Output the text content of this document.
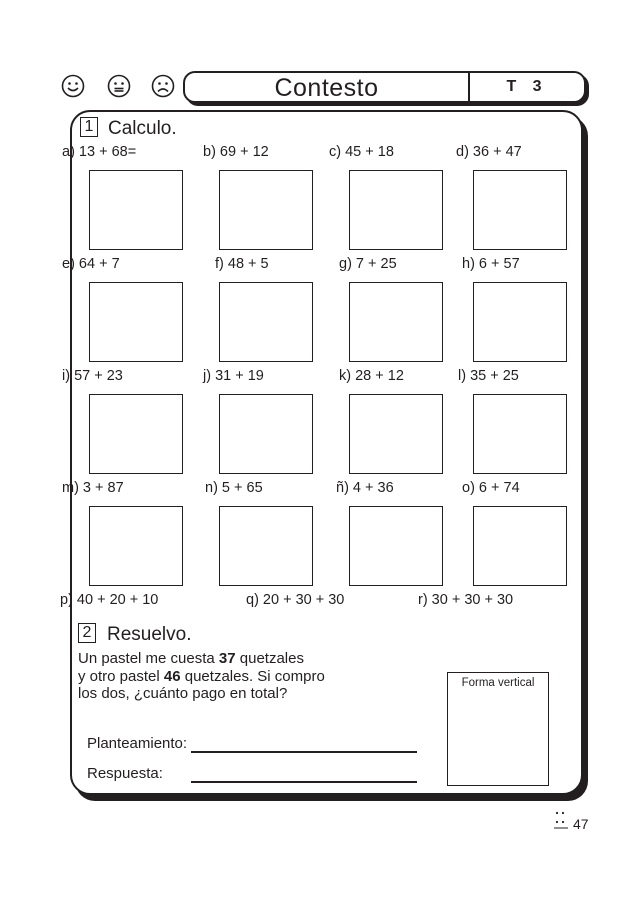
Contesto	T 3
1 Calculo.
a) 13 + 68=	b) 69 + 12	c) 45 + 18	d) 36 + 47
e) 64 + 7	f) 48 + 5	g) 7 + 25	h) 6 + 57
i) 57 + 23	j) 31 + 19	k) 28 + 12	l) 35 + 25
m) 3 + 87	n) 5 + 65	ñ) 4 + 36	o) 6 + 74
p) 40 + 20 + 10	q) 20 + 30 + 30	r) 30 + 30 + 30
2 Resuelvo.
Un pastel me cuesta 37 quetzales
y otro pastel 46 quetzales. Si compro
los dos, ¿cuánto pago en total?
Forma vertical
Planteamiento:
Respuesta:
47
